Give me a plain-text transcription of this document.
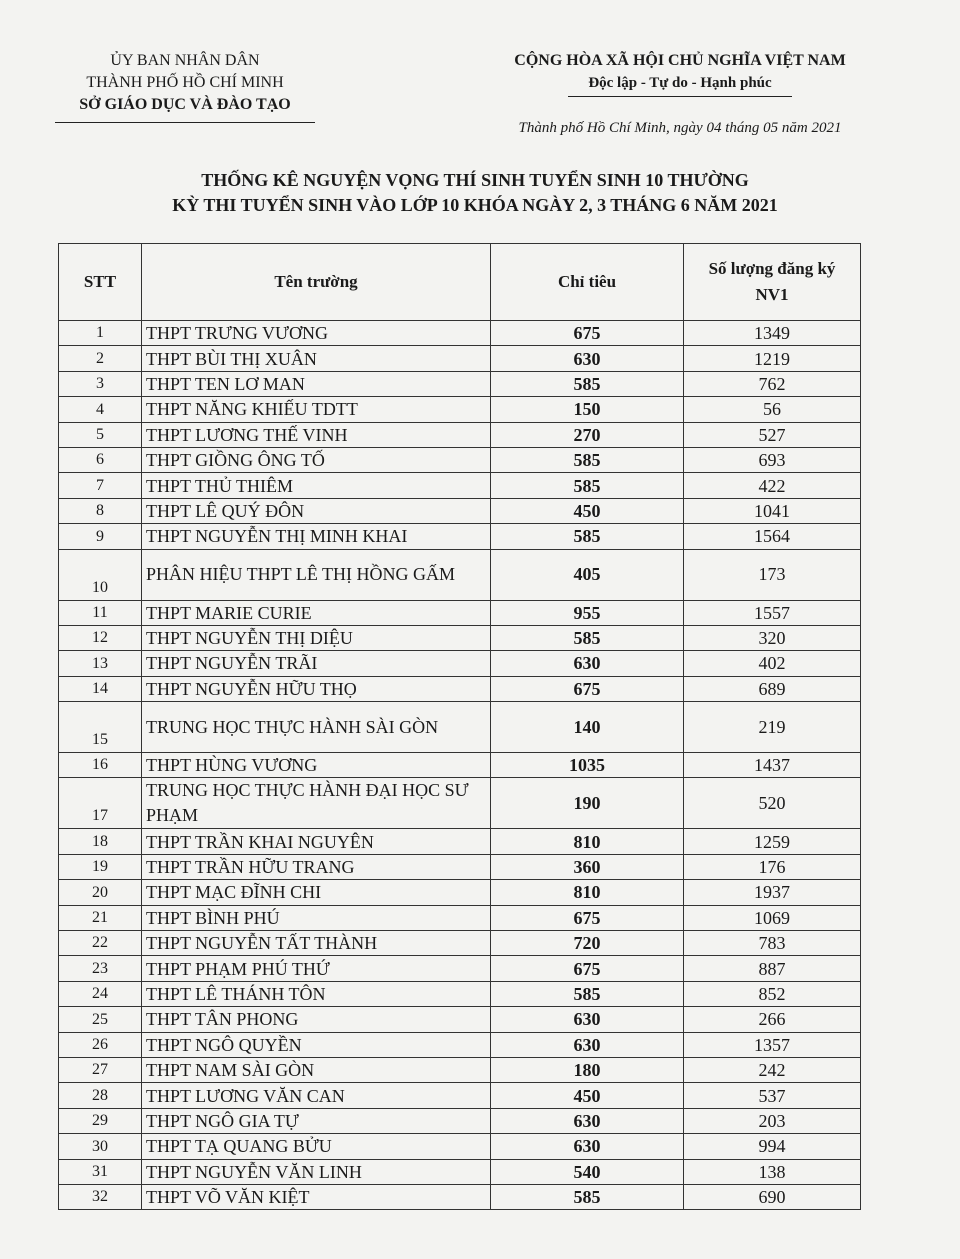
ỦY BAN NHÂN DÂN
THÀNH PHỐ HỒ CHÍ MINH
SỞ GIÁO DỤC VÀ ĐÀO TẠO
CỘNG HÒA XÃ HỘI CHỦ NGHĨA VIỆT NAM
Độc lập - Tự do - Hạnh phúc
Thành phố Hồ Chí Minh, ngày 04 tháng 05 năm 2021
THỐNG KÊ NGUYỆN VỌNG THÍ SINH TUYỂN SINH 10 THƯỜNG
KỲ THI TUYỂN SINH VÀO LỚP 10 KHÓA NGÀY 2, 3 THÁNG 6 NĂM 2021
STT	Tên trường	Chỉ tiêu	Số lượng đăng ký
NV1

1	THPT TRƯNG VƯƠNG	675	1349
2	THPT BÙI THỊ XUÂN	630	1219
3	THPT TEN LƠ MAN	585	762
4	THPT NĂNG KHIẾU TDTT	150	56
5	THPT LƯƠNG THẾ VINH	270	527
6	THPT GIỒNG ÔNG TỐ	585	693
7	THPT THỦ THIÊM	585	422
8	THPT LÊ QUÝ ĐÔN	450	1041
9	THPT NGUYỄN THỊ MINH KHAI	585	1564
10	PHÂN HIỆU THPT LÊ THỊ HỒNG GẤM	405	173
11	THPT MARIE CURIE	955	1557
12	THPT NGUYỄN THỊ DIỆU	585	320
13	THPT NGUYỄN TRÃI	630	402
14	THPT NGUYỄN HỮU THỌ	675	689
15	TRUNG HỌC THỰC HÀNH SÀI GÒN	140	219
16	THPT HÙNG VƯƠNG	1035	1437
17	TRUNG HỌC THỰC HÀNH ĐẠI HỌC SƯ PHẠM	190	520
18	THPT TRẦN KHAI NGUYÊN	810	1259
19	THPT TRẦN HỮU TRANG	360	176
20	THPT MẠC ĐĨNH CHI	810	1937
21	THPT BÌNH PHÚ	675	1069
22	THPT NGUYỄN TẤT THÀNH	720	783
23	THPT PHẠM PHÚ THỨ	675	887
24	THPT LÊ THÁNH TÔN	585	852
25	THPT TÂN PHONG	630	266
26	THPT NGÔ QUYỀN	630	1357
27	THPT NAM SÀI GÒN	180	242
28	THPT LƯƠNG VĂN CAN	450	537
29	THPT NGÔ GIA TỰ	630	203
30	THPT TẠ QUANG BỬU	630	994
31	THPT NGUYỄN VĂN LINH	540	138
32	THPT VÕ VĂN KIỆT	585	690
